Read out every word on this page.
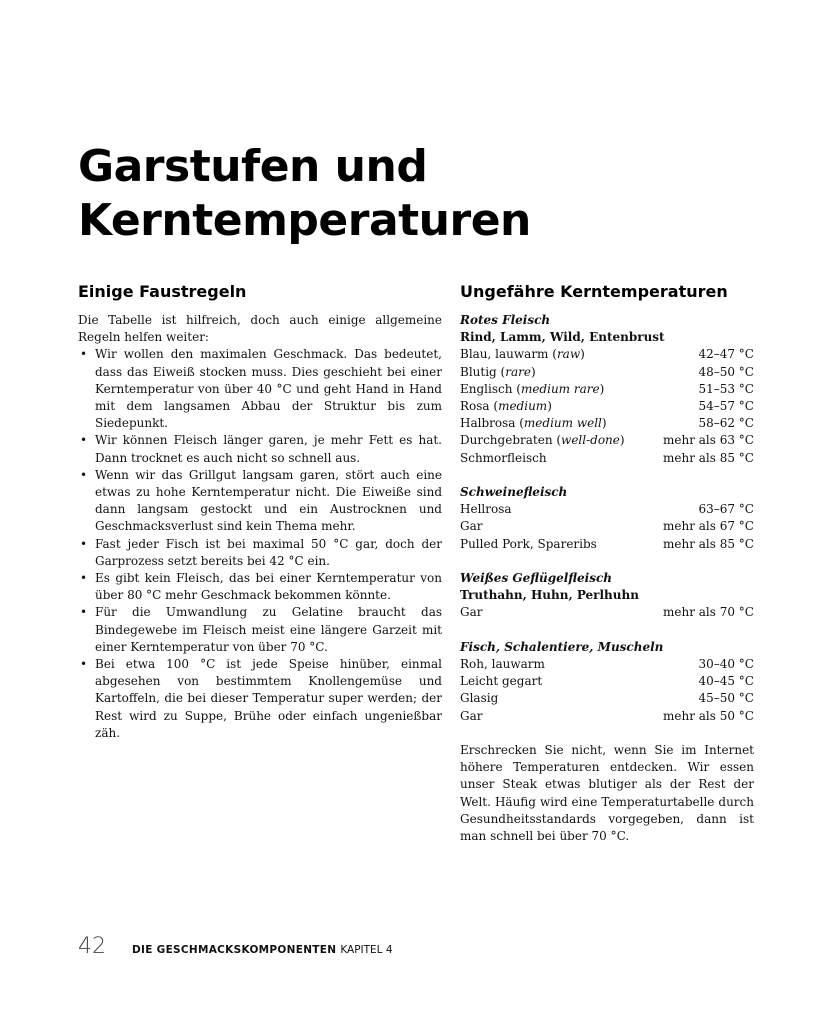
Garstufen und
Kerntemperaturen
Einige Faustregeln
Die Tabelle ist hilfreich, doch auch einige allgemeine Regeln helfen weiter:
• Wir wollen den maximalen Geschmack. Das bedeutet, dass das Eiweiß stocken muss. Dies geschieht bei einer Kerntemperatur von über 40 °C und geht Hand in Hand mit dem langsamen Abbau der Struktur bis zum Siedepunkt.
• Wir können Fleisch länger garen, je mehr Fett es hat. Dann trocknet es auch nicht so schnell aus.
• Wenn wir das Grillgut langsam garen, stört auch eine etwas zu hohe Kerntemperatur nicht. Die Eiweiße sind dann langsam gestockt und ein Austrocknen und Geschmacksverlust sind kein Thema mehr.
• Fast jeder Fisch ist bei maximal 50 °C gar, doch der Garprozess setzt bereits bei 42 °C ein.
• Es gibt kein Fleisch, das bei einer Kerntemperatur von über 80 °C mehr Geschmack bekommen könnte.
• Für die Umwandlung zu Gelatine braucht das Bindegewebe im Fleisch meist eine längere Garzeit mit einer Kerntemperatur von über 70 °C.
• Bei etwa 100 °C ist jede Speise hinüber, einmal abgesehen von bestimmtem Knollengemüse und Kartoffeln, die bei dieser Temperatur super werden; der Rest wird zu Suppe, Brühe oder einfach ungenießbar zäh.
Ungefähre Kerntemperaturen
Rotes Fleisch
Rind, Lamm, Wild, Entenbrust
Blau, lauwarm (raw)	42–47 °C
Blutig (rare)	48–50 °C
Englisch (medium rare)	51–53 °C
Rosa (medium)	54–57 °C
Halbrosa (medium well)	58–62 °C
Durchgebraten (well-done)	mehr als 63 °C
Schmorfleisch	mehr als 85 °C
Schweinefleisch
Hellrosa	63–67 °C
Gar	mehr als 67 °C
Pulled Pork, Spareribs	mehr als 85 °C
Weißes Geflügelfleisch
Truthahn, Huhn, Perlhuhn
Gar	mehr als 70 °C
Fisch, Schalentiere, Muscheln
Roh, lauwarm	30–40 °C
Leicht gegart	40–45 °C
Glasig	45–50 °C
Gar	mehr als 50 °C
Erschrecken Sie nicht, wenn Sie im Internet höhere Temperaturen entdecken. Wir essen unser Steak etwas blutiger als der Rest der Welt. Häufig wird eine Temperaturtabelle durch Gesundheitsstandards vorgegeben, dann ist man schnell bei über 70 °C.
42 DIE GESCHMACKSKOMPONENTEN KAPITEL 4
